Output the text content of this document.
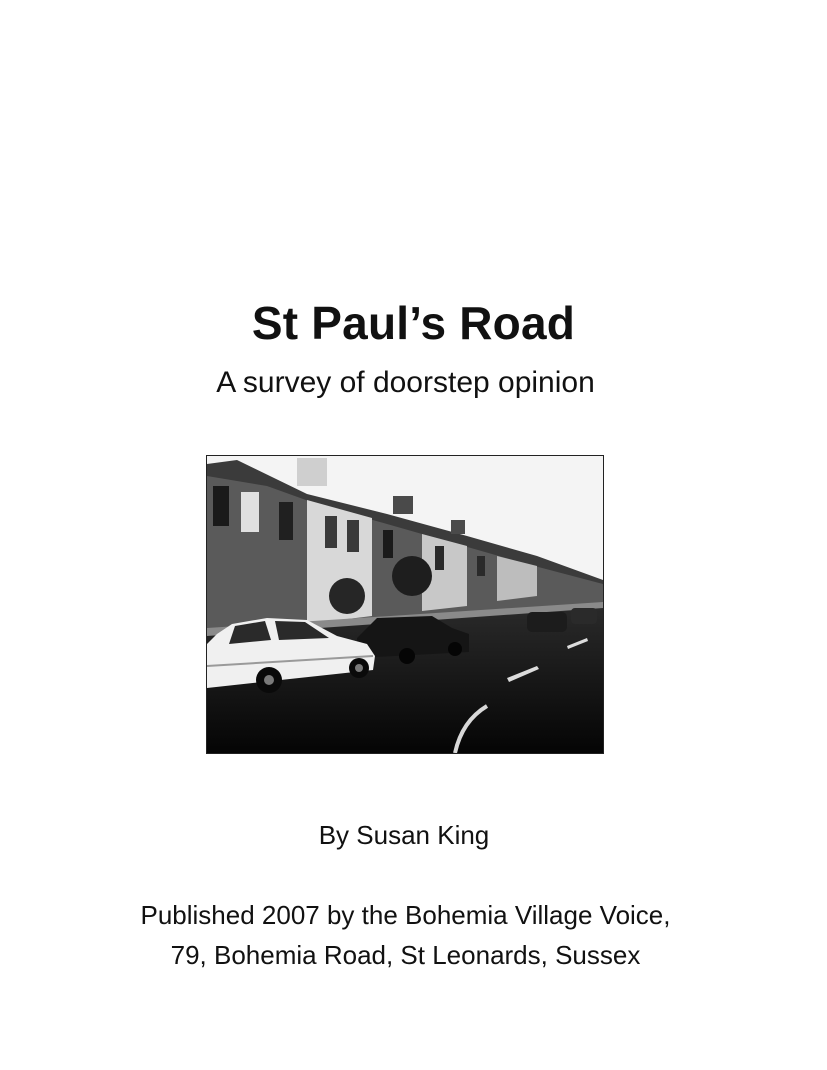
St Paul’s Road
A survey of doorstep opinion
By Susan King
Published 2007 by the Bohemia Village Voice,
79, Bohemia Road, St Leonards, Sussex
